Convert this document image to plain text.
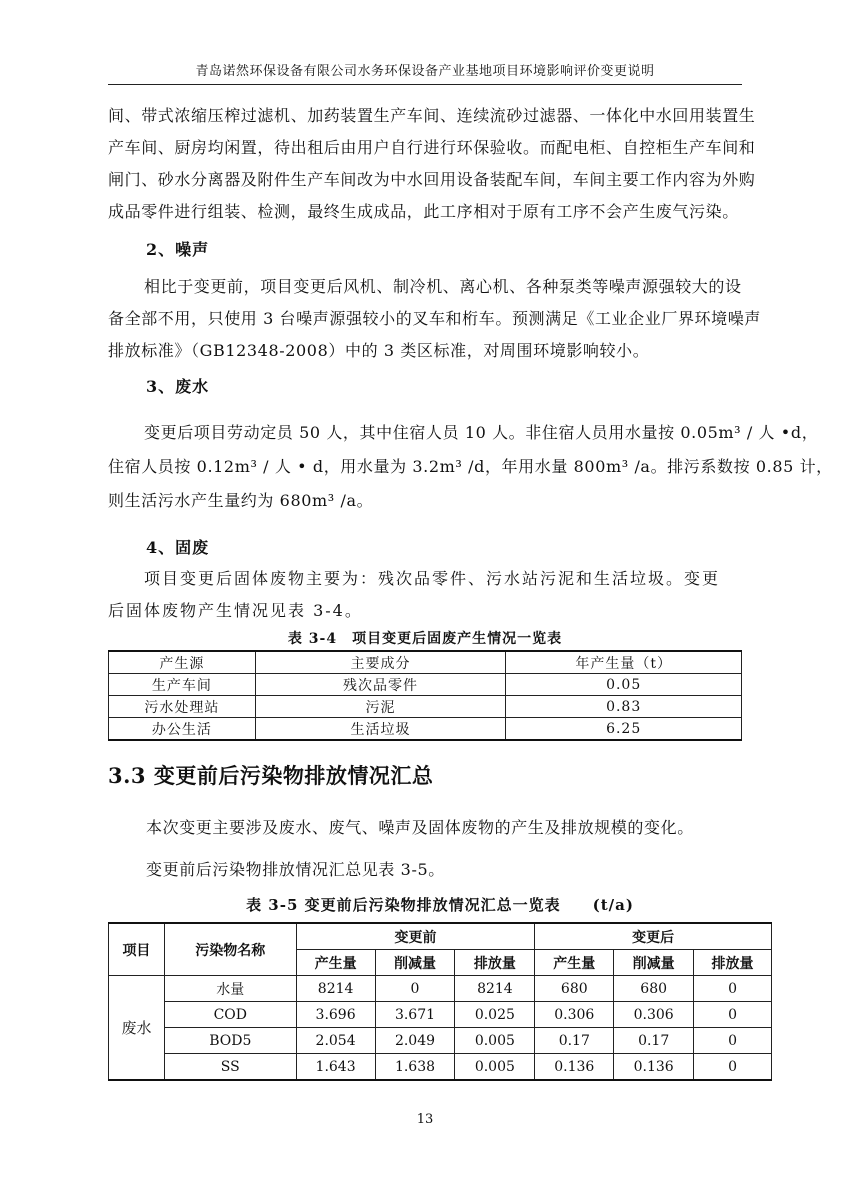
青岛诺然环保设备有限公司水务环保设备产业基地项目环境影响评价变更说明
间、带式浓缩压榨过滤机、加药装置生产车间、连续流砂过滤器、一体化中水回用装置生
产车间、厨房均闲置，待出租后由用户自行进行环保验收。而配电柜、自控柜生产车间和
闸门、砂水分离器及附件生产车间改为中水回用设备装配车间，车间主要工作内容为外购
成品零件进行组装、检测，最终生成成品，此工序相对于原有工序不会产生废气污染。
2、噪声
相比于变更前，项目变更后风机、制冷机、离心机、各种泵类等噪声源强较大的设
备全部不用，只使用 3 台噪声源强较小的叉车和桁车。预测满足《工业企业厂界环境噪声
排放标准》（GB12348-2008）中的 3 类区标准，对周围环境影响较小。
3、废水
变更后项目劳动定员 50 人，其中住宿人员 10 人。非住宿人员用水量按 0.05m³ / 人 •d，
住宿人员按 0.12m³ / 人 • d，用水量为 3.2m³ /d，年用水量 800m³ /a。排污系数按 0.85 计，
则生活污水产生量约为 680m³ /a。
4、固废
项目变更后固体废物主要为：残次品零件、污水站污泥和生活垃圾。变更
后固体废物产生情况见表 3-4。
表 3-4　项目变更后固废产生情况一览表
产生源	主要成分	年产生量（t）
生产车间	残次品零件	0.05
污水处理站	污泥	0.83
办公生活	生活垃圾	6.25
3.3 变更前后污染物排放情况汇总
本次变更主要涉及废水、废气、噪声及固体废物的产生及排放规模的变化。
变更前后污染物排放情况汇总见表 3-5。
表 3-5 变更前后污染物排放情况汇总一览表　　(t/a)
项目	污染物名称	变更前			变更后		
		产生量	削减量	排放量	产生量	削减量	排放量
废水	水量	8214	0	8214	680	680	0
	COD	3.696	3.671	0.025	0.306	0.306	0
	BOD5	2.054	2.049	0.005	0.17	0.17	0
	SS	1.643	1.638	0.005	0.136	0.136	0
13
